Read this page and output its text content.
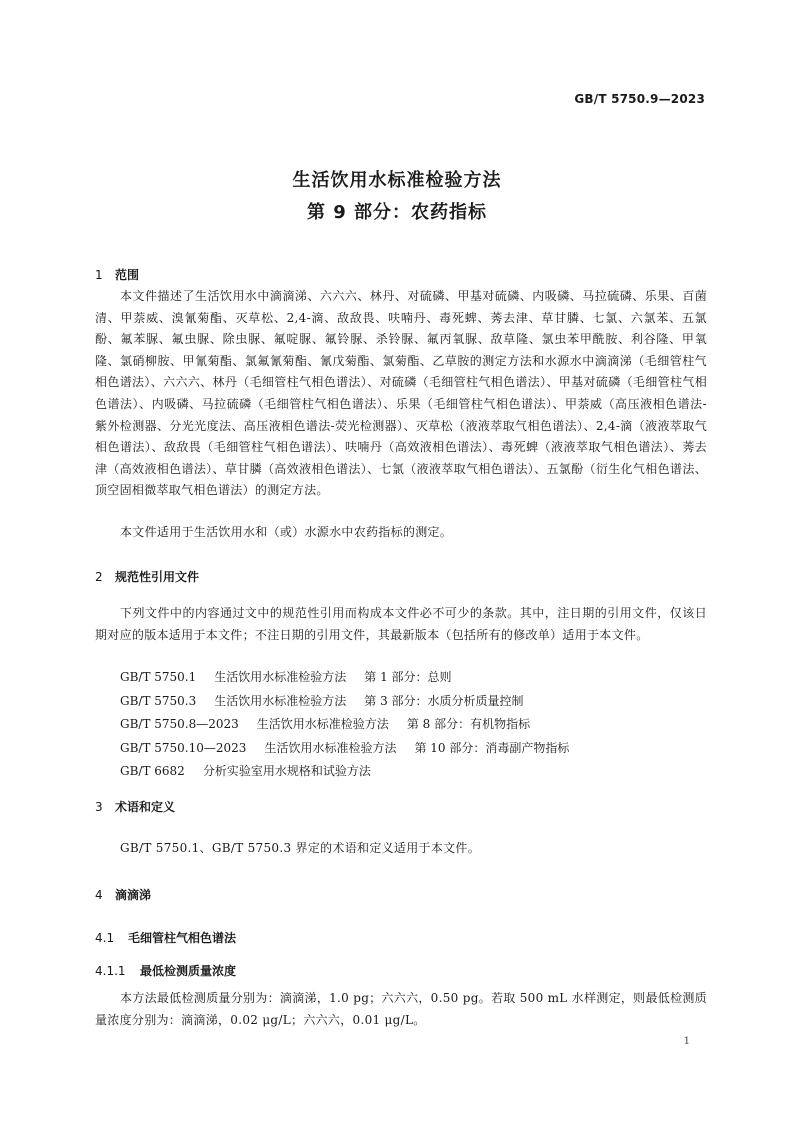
GB/T 5750.9—2023
生活饮用水标准检验方法
第 9 部分：农药指标
1 范围
本文件描述了生活饮用水中滴滴涕、六六六、林丹、对硫磷、甲基对硫磷、内吸磷、马拉硫磷、乐果、百菌清、甲萘威、溴氰菊酯、灭草松、2,4-滴、敌敌畏、呋喃丹、毒死蜱、莠去津、草甘膦、七氯、六氯苯、五氯酚、氟苯脲、氟虫脲、除虫脲、氟啶脲、氟铃脲、杀铃脲、氟丙氧脲、敌草隆、氯虫苯甲酰胺、利谷隆、甲氧隆、氯硝柳胺、甲氰菊酯、氯氟氰菊酯、氰戊菊酯、氯菊酯、乙草胺的测定方法和水源水中滴滴涕（毛细管柱气相色谱法）、六六六、林丹（毛细管柱气相色谱法）、对硫磷（毛细管柱气相色谱法）、甲基对硫磷（毛细管柱气相色谱法）、内吸磷、马拉硫磷（毛细管柱气相色谱法）、乐果（毛细管柱气相色谱法）、甲萘威（高压液相色谱法-紫外检测器、分光光度法、高压液相色谱法-荧光检测器）、灭草松（液液萃取气相色谱法）、2,4-滴（液液萃取气相色谱法）、敌敌畏（毛细管柱气相色谱法）、呋喃丹（高效液相色谱法）、毒死蜱（液液萃取气相色谱法）、莠去津（高效液相色谱法）、草甘膦（高效液相色谱法）、七氯（液液萃取气相色谱法）、五氯酚（衍生化气相色谱法、顶空固相微萃取气相色谱法）的测定方法。
本文件适用于生活饮用水和（或）水源水中农药指标的测定。
2 规范性引用文件
下列文件中的内容通过文中的规范性引用而构成本文件必不可少的条款。其中，注日期的引用文件，仅该日期对应的版本适用于本文件；不注日期的引用文件，其最新版本（包括所有的修改单）适用于本文件。
GB/T 5750.1 生活饮用水标准检验方法 第 1 部分：总则
GB/T 5750.3 生活饮用水标准检验方法 第 3 部分：水质分析质量控制
GB/T 5750.8—2023 生活饮用水标准检验方法 第 8 部分：有机物指标
GB/T 5750.10—2023 生活饮用水标准检验方法 第 10 部分：消毒副产物指标
GB/T 6682 分析实验室用水规格和试验方法
3 术语和定义
GB/T 5750.1、GB/T 5750.3 界定的术语和定义适用于本文件。
4 滴滴涕
4.1 毛细管柱气相色谱法
4.1.1 最低检测质量浓度
本方法最低检测质量分别为：滴滴涕，1.0 pg；六六六，0.50 pg。若取 500 mL 水样测定，则最低检测质量浓度分别为：滴滴涕，0.02 μg/L；六六六，0.01 μg/L。
1
